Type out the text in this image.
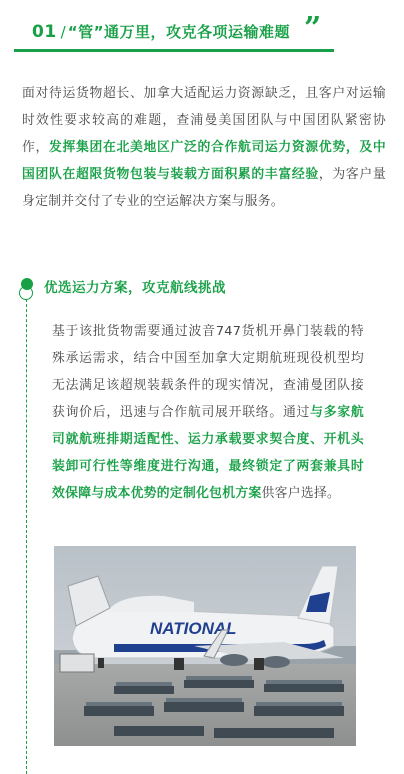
01 / “管”通万里，攻克各项运输难题 ”

面对待运货物超长、加拿大适配运力资源缺乏，且客户对运输时效性要求较高的难题，查浦曼美国团队与中国团队紧密协作，发挥集团在北美地区广泛的合作航司运力资源优势，及中国团队在超限货物包装与装载方面积累的丰富经验，为客户量身定制并交付了专业的空运解决方案与服务。

优选运力方案，攻克航线挑战

基于该批货物需要通过波音747货机开鼻门装载的特殊承运需求，结合中国至加拿大定期航班现役机型均无法满足该超规装载条件的现实情况，查浦曼团队接获询价后，迅速与合作航司展开联络。通过与多家航司就航班排期适配性、运力承载要求契合度、开机头装卸可行性等维度进行沟通，最终锁定了两套兼具时效保障与成本优势的定制化包机方案供客户选择。

NATIONAL
